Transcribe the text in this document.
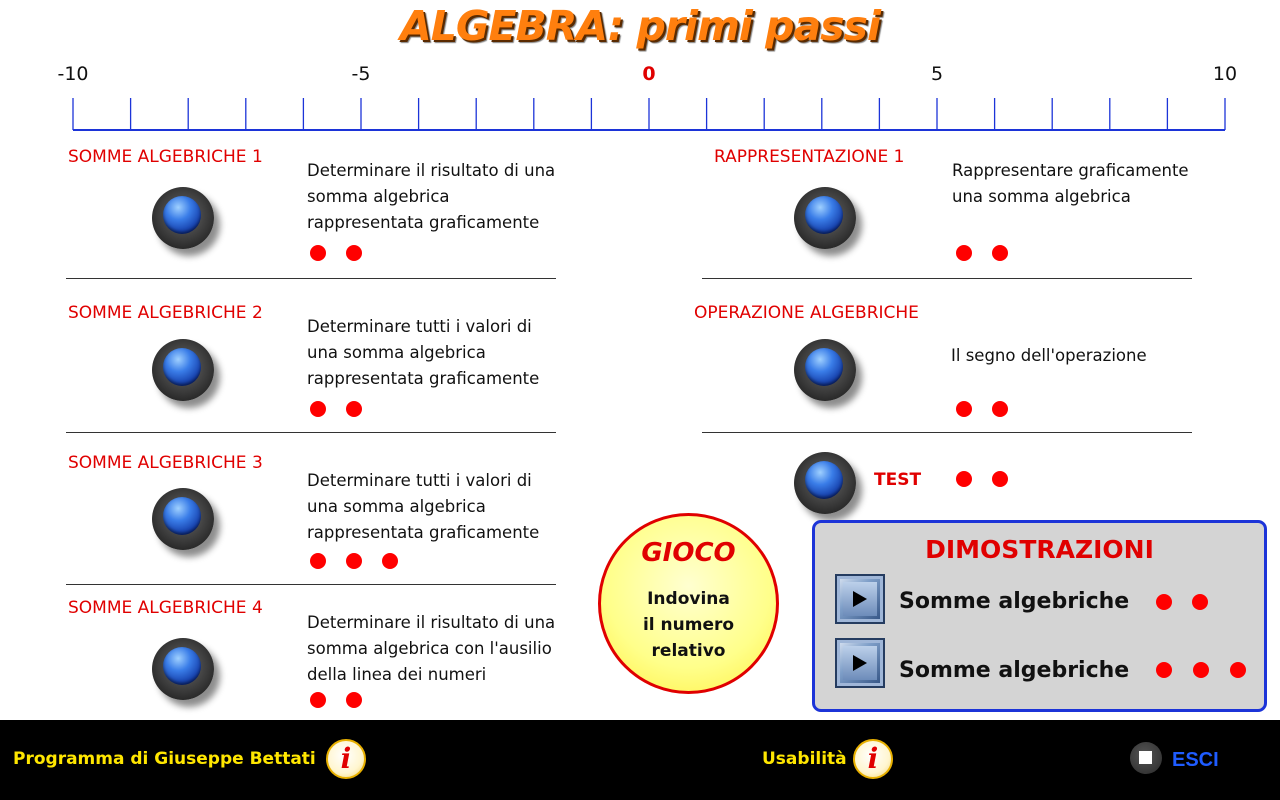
ALGEBRA: primi passi
-10	-5	0	5	10
SOMME ALGEBRICHE 1
Determinare il risultato di una
somma algebrica
rappresentata graficamente
SOMME ALGEBRICHE 2
Determinare tutti i valori di
una somma algebrica
rappresentata graficamente
SOMME ALGEBRICHE 3
Determinare tutti i valori di
una somma algebrica
rappresentata graficamente
SOMME ALGEBRICHE 4
Determinare il risultato di una
somma algebrica con l'ausilio
della linea dei numeri
RAPPRESENTAZIONE 1
Rappresentare graficamente
una somma algebrica
OPERAZIONE ALGEBRICHE
Il segno dell'operazione
TEST
GIOCO
Indovina
il numero
relativo
DIMOSTRAZIONI
Somme algebriche
Somme algebriche
Programma di Giuseppe Bettati i	Usabilità i	ESCI
